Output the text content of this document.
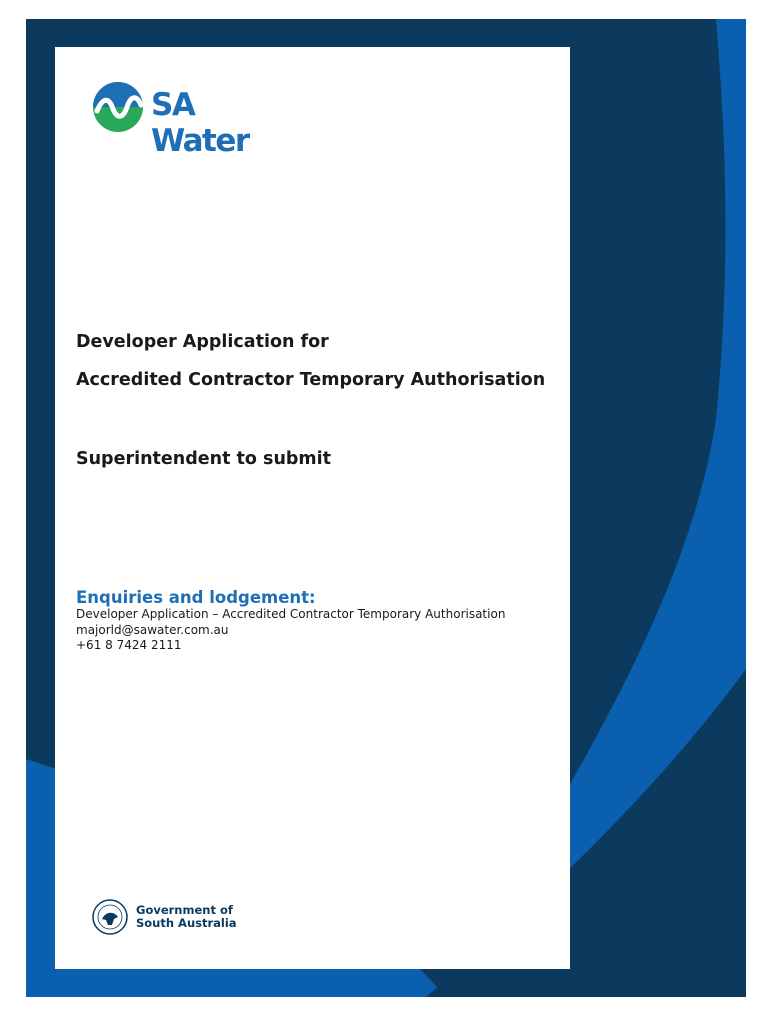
SA Water
Developer Application for
Accredited Contractor Temporary Authorisation
Superintendent to submit
Enquiries and lodgement:
Developer Application – Accredited Contractor Temporary Authorisation
majorld@sawater.com.au
+61 8 7424 2111
Government of
South Australia
